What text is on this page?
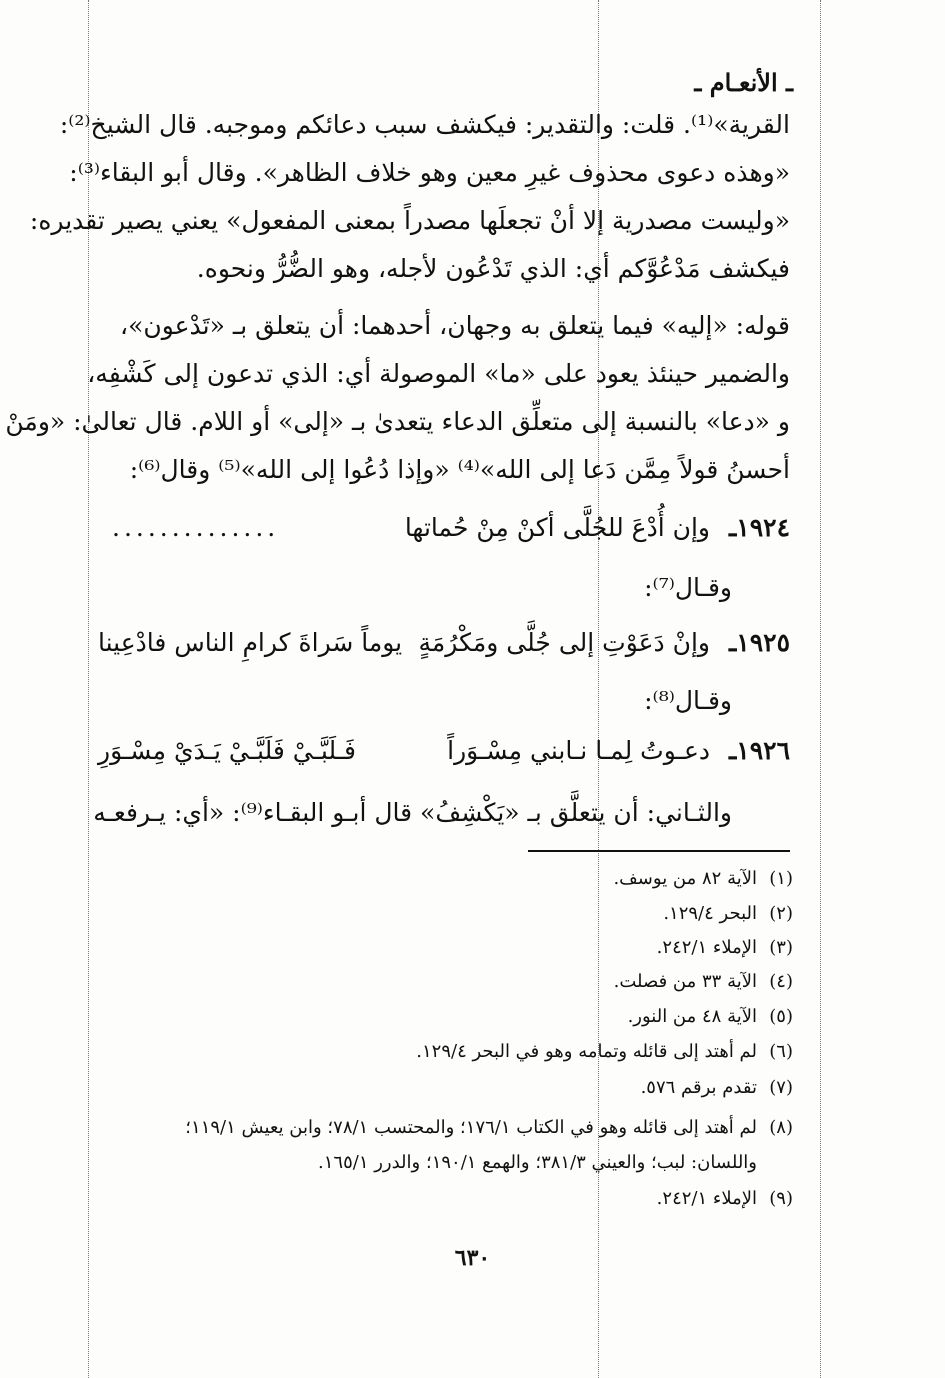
ـ الأنعـام ـ
القرية»⁽¹⁾. قلت: والتقدير: فيكشف سبب دعائكم وموجبه. قال الشيخ⁽²⁾:
«وهذه دعوى محذوف غيرِ معين وهو خلاف الظاهر». وقال أبو البقاء⁽³⁾:
«وليست مصدرية إلا أنْ تجعلَها مصدراً بمعنى المفعول» يعني يصير تقديره:
فيكشف مَدْعُوَّكم أي: الذي تَدْعُون لأجله، وهو الضُّرُّ ونحوه.
قوله: «إليه» فيما يتعلق به وجهان، أحدهما: أن يتعلق بـ «تَدْعون»،
والضمير حينئذ يعود على «ما» الموصولة أي: الذي تدعون إلى كَشْفِه،
و «دعا» بالنسبة إلى متعلِّق الدعاء يتعدىٰ بـ «إلى» أو اللام. قال تعالىٰ: «ومَنْ
أحسنُ قولاً مِمَّن دَعا إلى الله»⁽⁴⁾ «وإذا دُعُوا إلى الله»⁽⁵⁾ وقال⁽⁶⁾:
١٩٢٤ـ
وإن أُدْعَ للجُلَّى أكنْ مِنْ حُماتها
..............
وقـال⁽⁷⁾:
١٩٢٥ـ
وإنْ دَعَوْتِ إلى جُلَّى ومَكْرُمَةٍ
يوماً سَراةَ كرامِ الناس فادْعِينا
وقـال⁽⁸⁾:
١٩٢٦ـ
دعـوتُ لِمـا نـابني مِسْـوَراً
فَـلَبَّـيْ فَلَبَّـيْ يَـدَيْ مِسْـوَرِ
والثـاني: أن يتعلَّق بـ «يَكْشِفُ» قال أبـو البقـاء⁽⁹⁾: «أي: يـرفعـه
(١)الآية ٨٢ من يوسف.
(٢)البحر ١٢٩/٤.
(٣)الإملاء ٢٤٢/١.
(٤)الآية ٣٣ من فصلت.
(٥)الآية ٤٨ من النور.
(٦)لم أهتد إلى قائله وتمامه وهو في البحر ١٢٩/٤.
(٧)تقدم برقم ٥٧٦.
(٨)لم أهتد إلى قائله وهو في الكتاب ١٧٦/١؛ والمحتسب ٧٨/١؛ وابن يعيش ١١٩/١؛
واللسان: لبب؛ والعيني ٣٨١/٣؛ والهمع ١٩٠/١؛ والدرر ١٦٥/١.
(٩)الإملاء ٢٤٢/١.
٦٣٠
